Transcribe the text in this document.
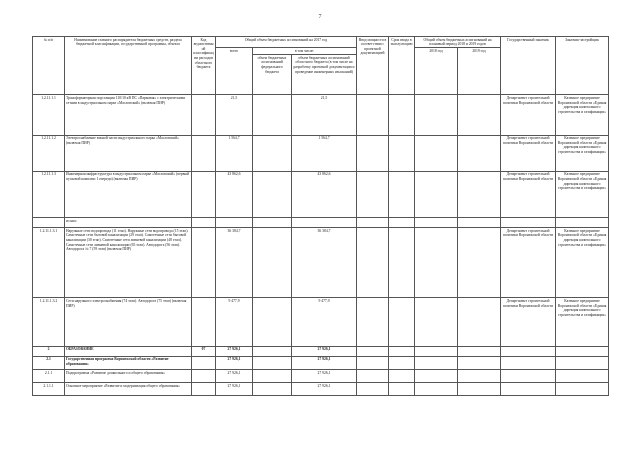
7
№ п/п	Наименование главного распорядителя бюджетных средств, раздела бюджетной классификации, государственной программы, объекта	Код ведомственной классификации расходов областного бюджета	Общий объем бюджетных ассигнований на 2017 год			Ввод мощности в соответствии с проектной документацией	Срок ввода в эксплуатацию	Общий объем бюджетных ассигнований на плановый период 2018 и 2019 годов		Государственный заказчик	Заказчик-застройщик
			всего	в том числе:				2018 год	2019 год		
				объем бюджетных ассигнований федерального бюджета	объем бюджетных ассигнований областного бюджета (в том числе на разработку проектной документации и проведение инженерных изысканий)						
1.2.11.1.1	Трансформаторная подстанция 110/10 кВ ПС «Парковая» с электрическими сетями в индустриальном парке «Масловский» (включая ПИР)		21,5		21,5					Департамент строительной политики Воронежской области	Казенное предприятие Воронежской области «Единая дирекция капитального строительства и газификации»
1.2.11.1.2	Электроснабжение южной части индустриального парка «Масловский» (включая ПИР)		1 564,7		1 564,7					Департамент строительной политики Воронежской области	Казенное предприятие Воронежской области «Единая дирекция капитального строительства и газификации»
1.2.11.1.3	Инженерная инфраструктура в индустриальном парке «Масловский» (первый пусковой комплекс I очереди) (включая ПИР)		43 862,6		43 862,6					Департамент строительной политики Воронежской области	Казенное предприятие Воронежской области «Единая дирекция капитального строительства и газификации»
	из них:										
1.2.11.1.3.1	Наружные сети водопровода (11 этап). Наружные сети водопровода (15 этап). Самотечные сети бытовой канализации (29 этап). Самотечные сети бытовой канализации (30 этап). Самотечные сети ливневой канализации (48 этап). Самотечные сети ливневой канализации (65 этап). Автодорога (56 этап). Автодорога № 7 (59 этап) (включая ПИР)		36 384,7		36 384,7					Департамент строительной политики Воронежской области	Казенное предприятие Воронежской области «Единая дирекция капитального строительства и газификации»
1.2.11.1.3.2	Сети наружного электроснабжения (74 этап). Автодорога (75 этап) (включая ПИР)		9 477,9		9 477,9					Департамент строительной политики Воронежской области	Казенное предприятие Воронежской области «Единая дирекция капитального строительства и газификации»
2	ОБРАЗОВАНИЕ	07	27 926,1		27 926,1						
2.1	Государственная программа Воронежской области «Развитие образования»		27 926,1		27 926,1						
2.1.1	Подпрограмма «Развитие дошкольного и общего образования»		27 926,1		27 926,1						
2.1.1.1	Основное мероприятие «Развитие и модернизация общего образования»		27 926,1		27 926,1						
